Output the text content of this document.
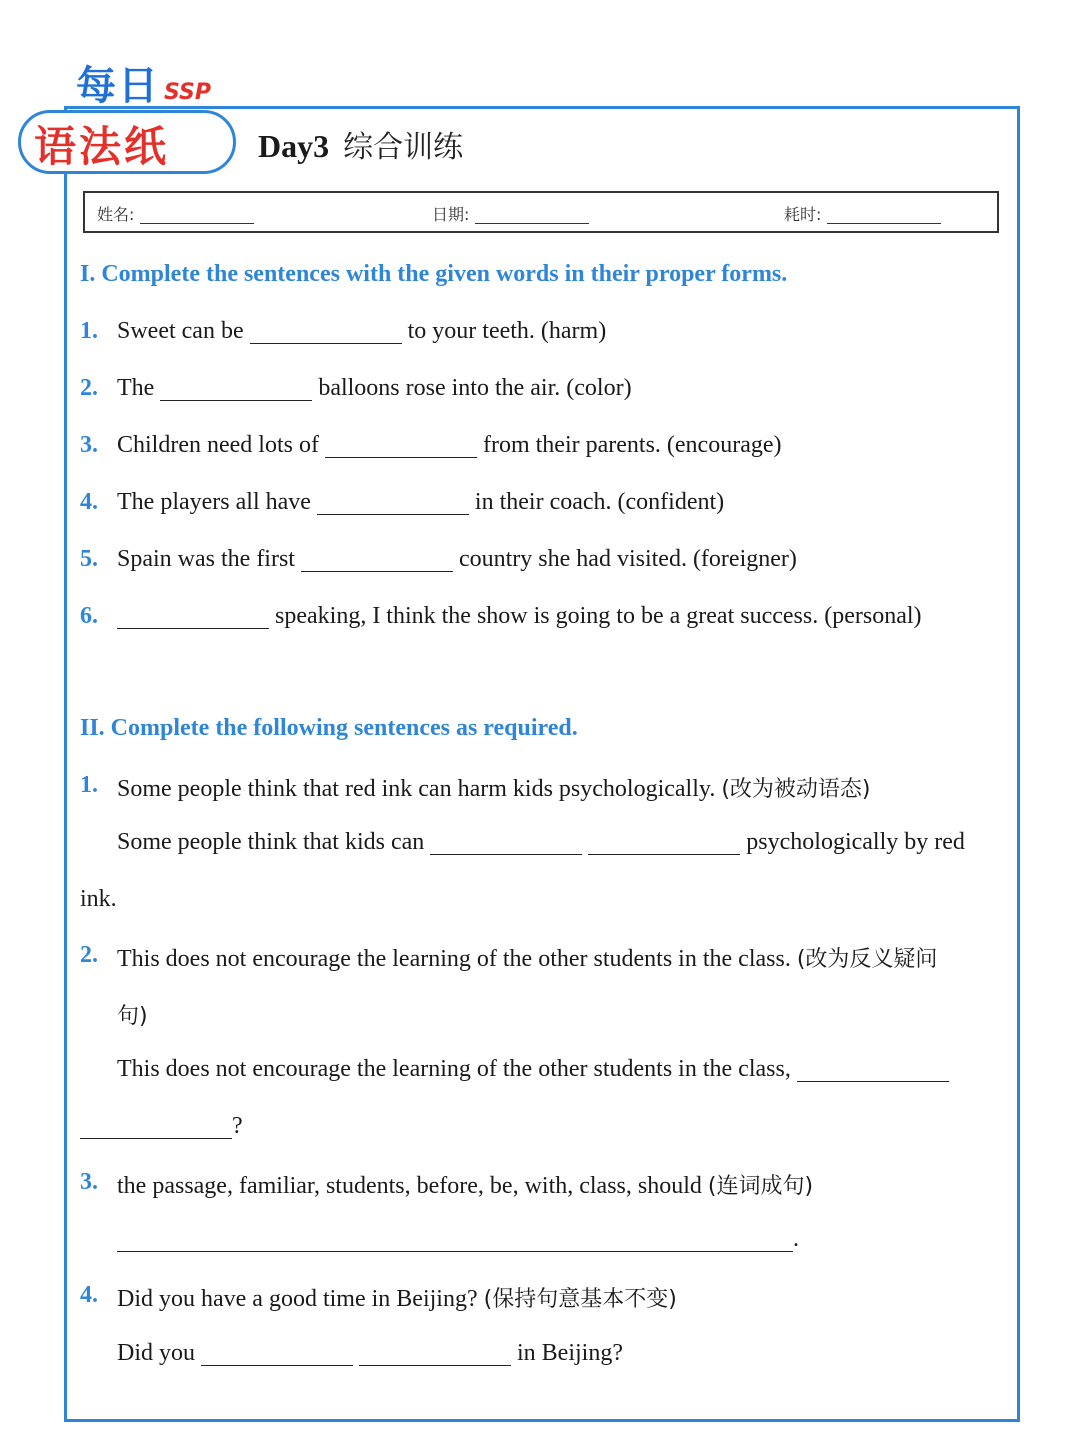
每日 SSP
语法纸	Day3 综合训练
姓名:	日期:	耗时:
I. Complete the sentences with the given words in their proper forms.
1. Sweet can be	to your teeth. (harm)
2. The	balloons rose into the air. (color)
3. Children need lots of	from their parents. (encourage)
4. The players all have	in their coach. (confident)
5. Spain was the first	country she had visited. (foreigner)
6.	speaking, I think the show is going to be a great success. (personal)
II. Complete the following sentences as required.
1. Some people think that red ink can harm kids psychologically. (改为被动语态)
Some people think that kids can	psychologically by red
ink.
2. This does not encourage the learning of the other students in the class. (改为反义疑问
句)
This does not encourage the learning of the other students in the class,
?
3. the passage, familiar, students, before, be, with, class, should (连词成句)
.
4. Did you have a good time in Beijing? (保持句意基本不变)
Did you	in Beijing?
